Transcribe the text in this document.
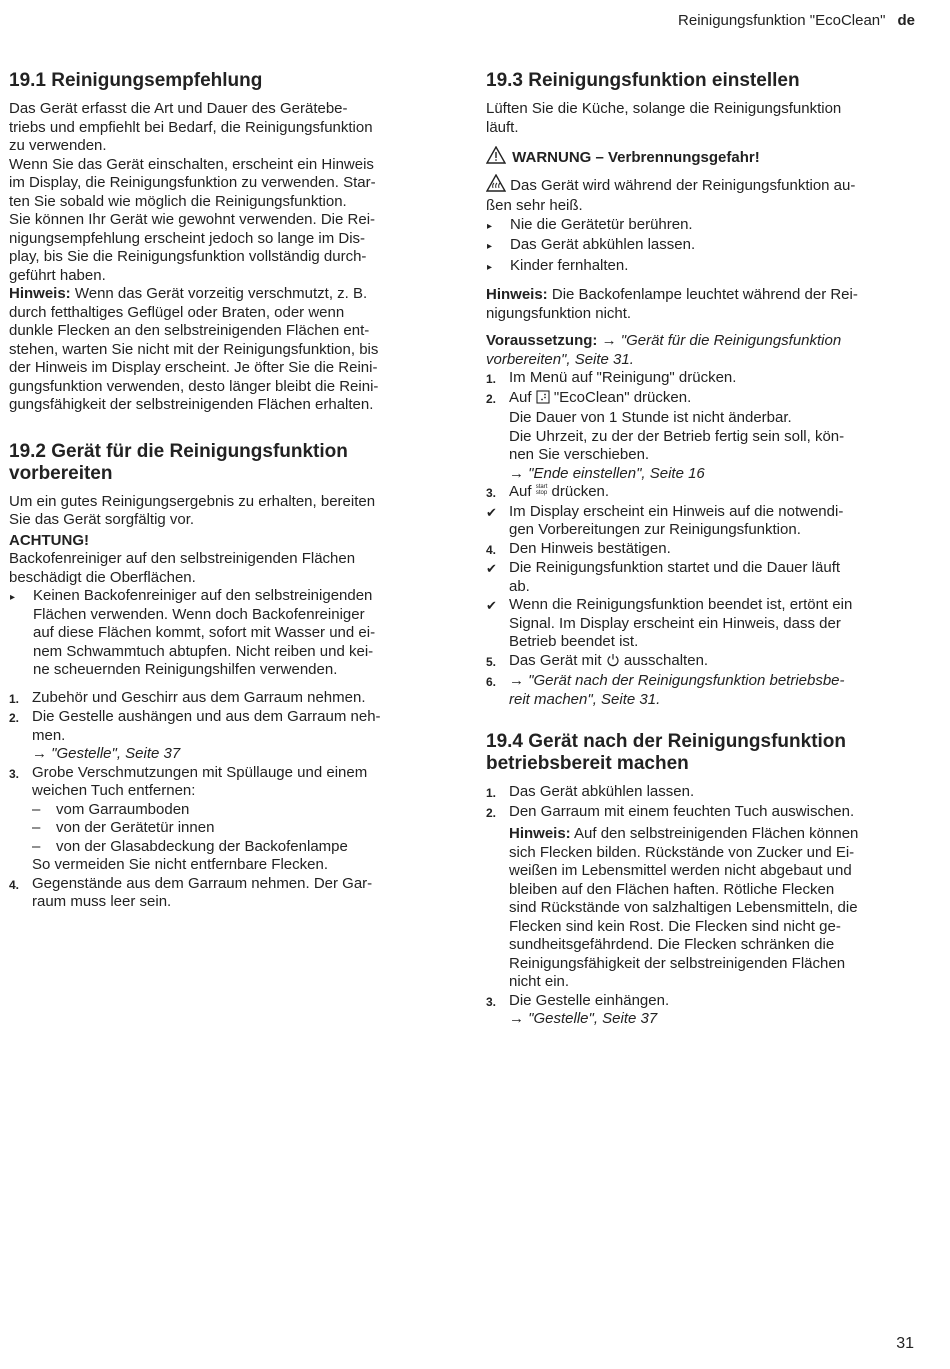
Reinigungsfunktion "EcoClean" de
19.1 Reinigungsempfehlung

Das Gerät erfasst die Art und Dauer des Gerätebe-

triebs und empfiehlt bei Bedarf, die Reinigungsfunktion

zu verwenden.

Wenn Sie das Gerät einschalten, erscheint ein Hinweis

im Display, die Reinigungsfunktion zu verwenden. Star-

ten Sie sobald wie möglich die Reinigungsfunktion.

Sie können Ihr Gerät wie gewohnt verwenden. Die Rei-

nigungsempfehlung erscheint jedoch so lange im Dis-

play, bis Sie die Reinigungsfunktion vollständig durch-

geführt haben.

Hinweis: Wenn das Gerät vorzeitig verschmutzt, z. B.

durch fetthaltiges Geflügel oder Braten, oder wenn

dunkle Flecken an den selbstreinigenden Flächen ent-

stehen, warten Sie nicht mit der Reinigungsfunktion, bis

der Hinweis im Display erscheint. Je öfter Sie die Reini-

gungsfunktion verwenden, desto länger bleibt die Reini-

gungsfähigkeit der selbstreinigenden Flächen erhalten.

19.2 Gerät für die Reinigungsfunktion
vorbereiten

Um ein gutes Reinigungsergebnis zu erhalten, bereiten

Sie das Gerät sorgfältig vor.

ACHTUNG!

Backofenreiniger auf den selbstreinigenden Flächen

beschädigt die Oberflächen.

▸	Keinen Backofenreiniger auf den selbstreinigenden
Flächen verwenden. Wenn doch Backofenreiniger
auf diese Flächen kommt, sofort mit Wasser und ei-
nem Schwammtuch abtupfen. Nicht reiben und kei-
ne scheuernden Reinigungshilfen verwenden.
1. Zubehör und Geschirr aus dem Garraum nehmen.
2. Die Gestelle aushängen und aus dem Garraum neh-
men.
→ "Gestelle", Seite 37
3. Grobe Verschmutzungen mit Spüllauge und einem
weichen Tuch entfernen:
–	vom Garraumboden
–	von der Gerätetür innen
–	von der Glasabdeckung der Backofenlampe
So vermeiden Sie nicht entfernbare Flecken.
4. Gegenstände aus dem Garraum nehmen. Der Gar-
raum muss leer sein.
19.3 Reinigungsfunktion einstellen

Lüften Sie die Küche, solange die Reinigungsfunktion

läuft.

WARNUNG – Verbrennungsgefahr!

Das Gerät wird während der Reinigungsfunktion au-

ßen sehr heiß.

▸	Nie die Gerätetür berühren.
▸	Das Gerät abkühlen lassen.
▸	Kinder fernhalten.

Hinweis: Die Backofenlampe leuchtet während der Rei-

nigungsfunktion nicht.

Voraussetzung: → "Gerät für die Reinigungsfunktion

vorbereiten", Seite 31.

1. Im Menü auf "Reinigung" drücken.
2. Auf  "EcoClean" drücken.
Die Dauer von 1 Stunde ist nicht änderbar.
Die Uhrzeit, zu der der Betrieb fertig sein soll, kön-
nen Sie verschieben.
→ "Ende einstellen", Seite 16
3. Auf start
stop drücken.
✔ Im Display erscheint ein Hinweis auf die notwendi-
gen Vorbereitungen zur Reinigungsfunktion.
4. Den Hinweis bestätigen.
✔ Die Reinigungsfunktion startet und die Dauer läuft
ab.
✔ Wenn die Reinigungsfunktion beendet ist, ertönt ein
Signal. Im Display erscheint ein Hinweis, dass der
Betrieb beendet ist.
5. Das Gerät mit  ausschalten.
6. → "Gerät nach der Reinigungsfunktion betriebsbe-
reit machen", Seite 31.
19.4 Gerät nach der Reinigungsfunktion
betriebsbereit machen
1. Das Gerät abkühlen lassen.
2. Den Garraum mit einem feuchten Tuch auswischen.
Hinweis: Auf den selbstreinigenden Flächen können
sich Flecken bilden. Rückstände von Zucker und Ei-
weißen im Lebensmittel werden nicht abgebaut und
bleiben auf den Flächen haften. Rötliche Flecken
sind Rückstände von salzhaltigen Lebensmitteln, die
Flecken sind kein Rost. Die Flecken sind nicht ge-
sundheitsgefährdend. Die Flecken schränken die
Reinigungsfähigkeit der selbstreinigenden Flächen
nicht ein.
3. Die Gestelle einhängen.
→ "Gestelle", Seite 37
31
